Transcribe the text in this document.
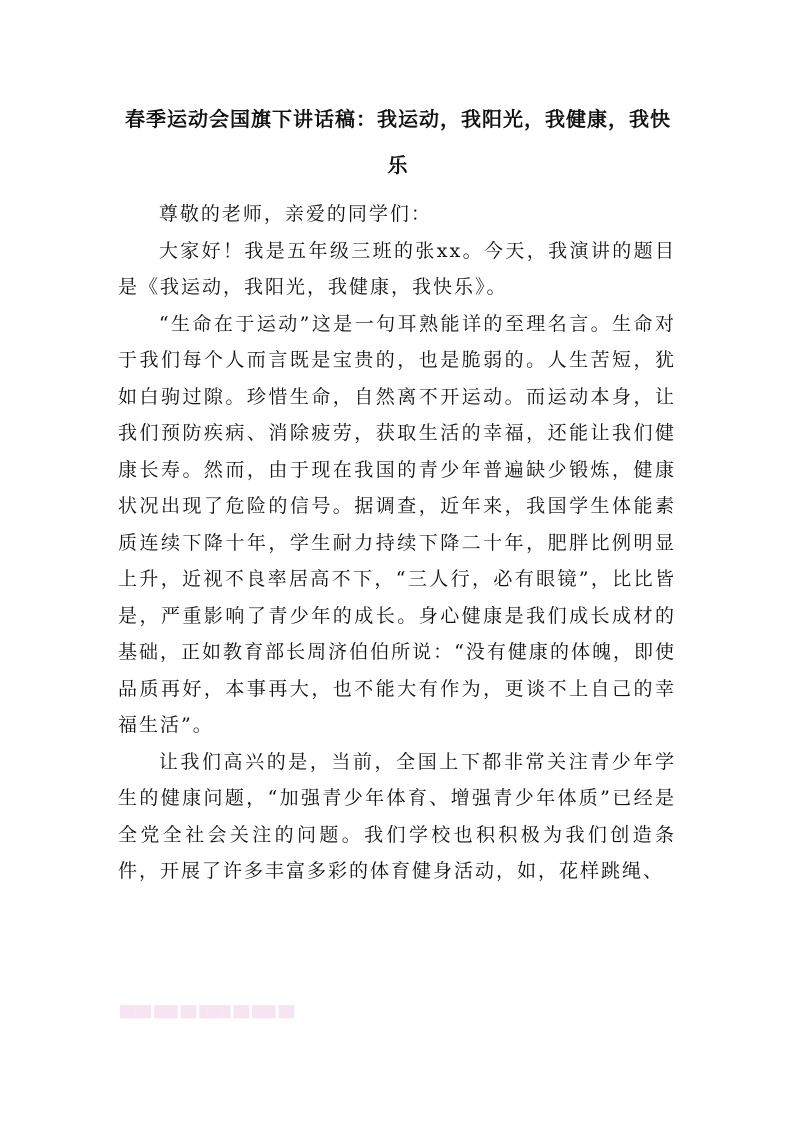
春季运动会国旗下讲话稿：我运动，我阳光，我健康，我快乐

尊敬的老师，亲爱的同学们：

大家好！我是五年级三班的张xx。今天，我演讲的题目是《我运动，我阳光，我健康，我快乐》。

“生命在于运动”这是一句耳熟能详的至理名言。生命对于我们每个人而言既是宝贵的，也是脆弱的。人生苦短，犹如白驹过隙。珍惜生命，自然离不开运动。而运动本身，让我们预防疾病、消除疲劳，获取生活的幸福，还能让我们健康长寿。然而，由于现在我国的青少年普遍缺少锻炼，健康状况出现了危险的信号。据调查，近年来，我国学生体能素质连续下降十年，学生耐力持续下降二十年，肥胖比例明显上升，近视不良率居高不下，“三人行，必有眼镜”，比比皆是，严重影响了青少年的成长。身心健康是我们成长成材的基础，正如教育部长周济伯伯所说：“没有健康的体魄，即使品质再好，本事再大，也不能大有作为，更谈不上自己的幸福生活”。

让我们高兴的是，当前，全国上下都非常关注青少年学生的健康问题，“加强青少年体育、增强青少年体质”已经是全党全社会关注的问题。我们学校也积积极为我们创造条件，开展了许多丰富多彩的体育健身活动，如，花样跳绳、

████ ███ ██ ████ ██ ███ ██
